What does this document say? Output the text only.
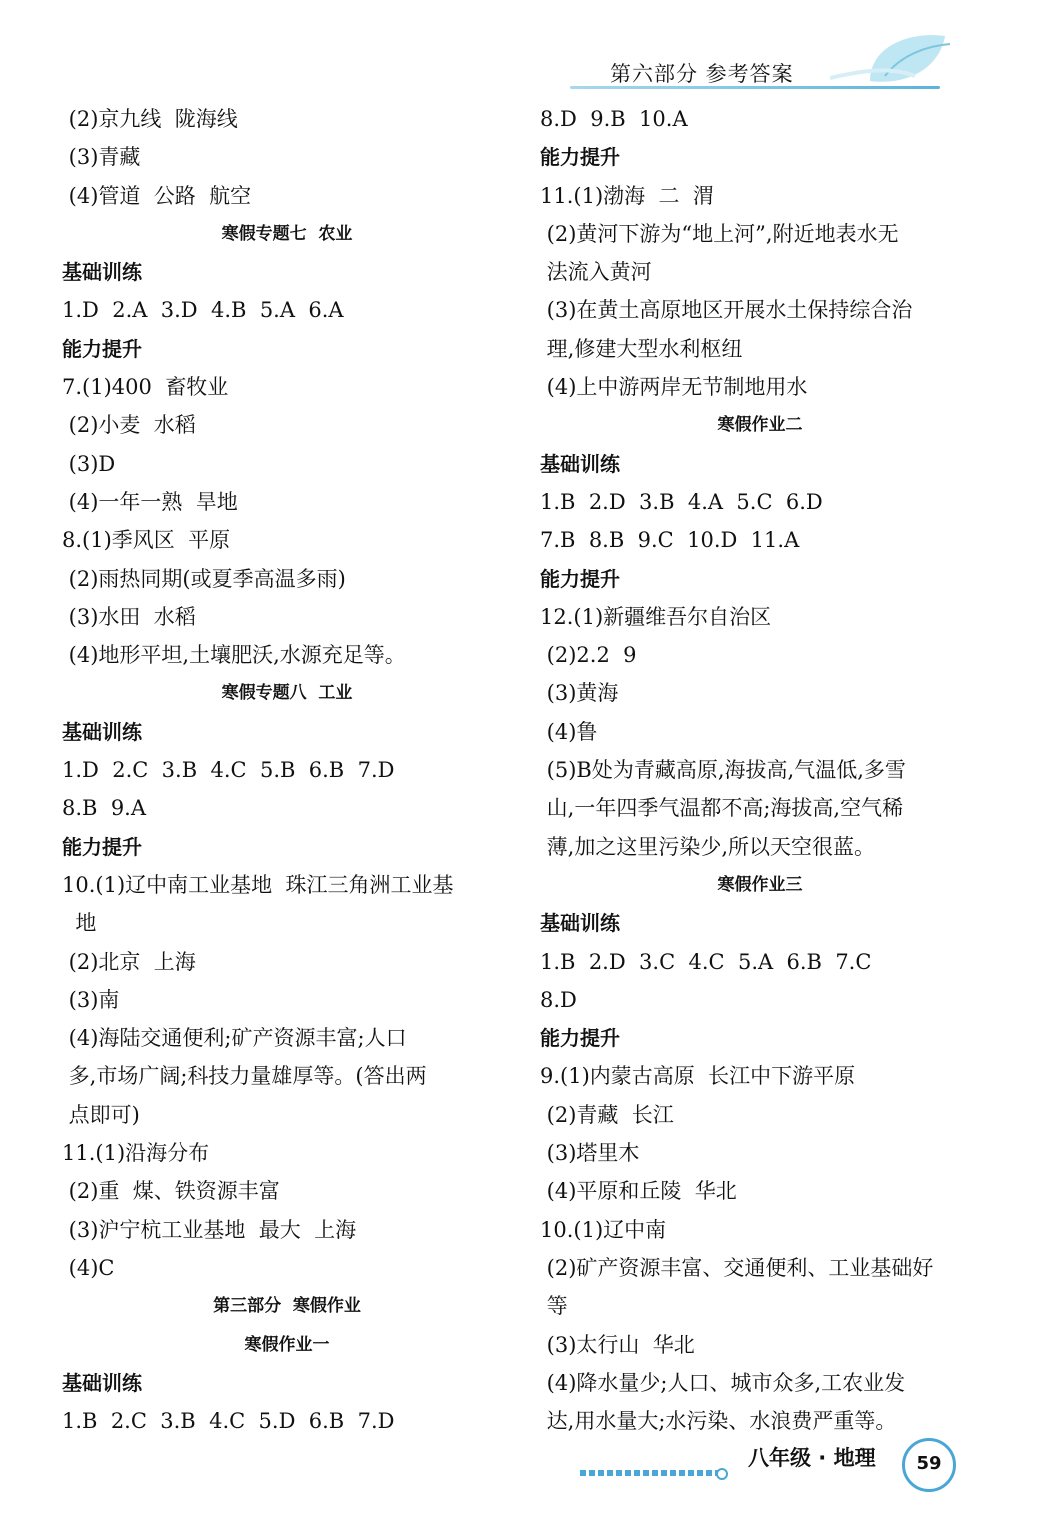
第六部分 参考答案
(2)京九线  陇海线
(3)青藏
(4)管道  公路  航空
寒假专题七  农业
基础训练
1.D  2.A  3.D  4.B  5.A  6.A
能力提升
7.(1)400  畜牧业
(2)小麦  水稻
(3)D
(4)一年一熟  旱地
8.(1)季风区  平原
(2)雨热同期(或夏季高温多雨)
(3)水田  水稻
(4)地形平坦,土壤肥沃,水源充足等。
寒假专题八  工业
基础训练
1.D  2.C  3.B  4.C  5.B  6.B  7.D
8.B  9.A
能力提升
10.(1)辽中南工业基地  珠江三角洲工业基
地
(2)北京  上海
(3)南
(4)海陆交通便利;矿产资源丰富;人口
多,市场广阔;科技力量雄厚等。(答出两
点即可)
11.(1)沿海分布
(2)重  煤、铁资源丰富
(3)沪宁杭工业基地  最大  上海
(4)C
第三部分  寒假作业
寒假作业一
基础训练
1.B  2.C  3.B  4.C  5.D  6.B  7.D
8.D  9.B  10.A
能力提升
11.(1)渤海  二  渭
(2)黄河下游为“地上河”,附近地表水无
法流入黄河
(3)在黄土高原地区开展水土保持综合治
理,修建大型水利枢纽
(4)上中游两岸无节制地用水
寒假作业二
基础训练
1.B  2.D  3.B  4.A  5.C  6.D
7.B  8.B  9.C  10.D  11.A
能力提升
12.(1)新疆维吾尔自治区
(2)2.2  9
(3)黄海
(4)鲁
(5)B处为青藏高原,海拔高,气温低,多雪
山,一年四季气温都不高;海拔高,空气稀
薄,加之这里污染少,所以天空很蓝。
寒假作业三
基础训练
1.B  2.D  3.C  4.C  5.A  6.B  7.C
8.D
能力提升
9.(1)内蒙古高原  长江中下游平原
(2)青藏  长江
(3)塔里木
(4)平原和丘陵  华北
10.(1)辽中南
(2)矿产资源丰富、交通便利、工业基础好
等
(3)太行山  华北
(4)降水量少;人口、城市众多,工农业发
达,用水量大;水污染、水浪费严重等。
八年级 · 地理	59
